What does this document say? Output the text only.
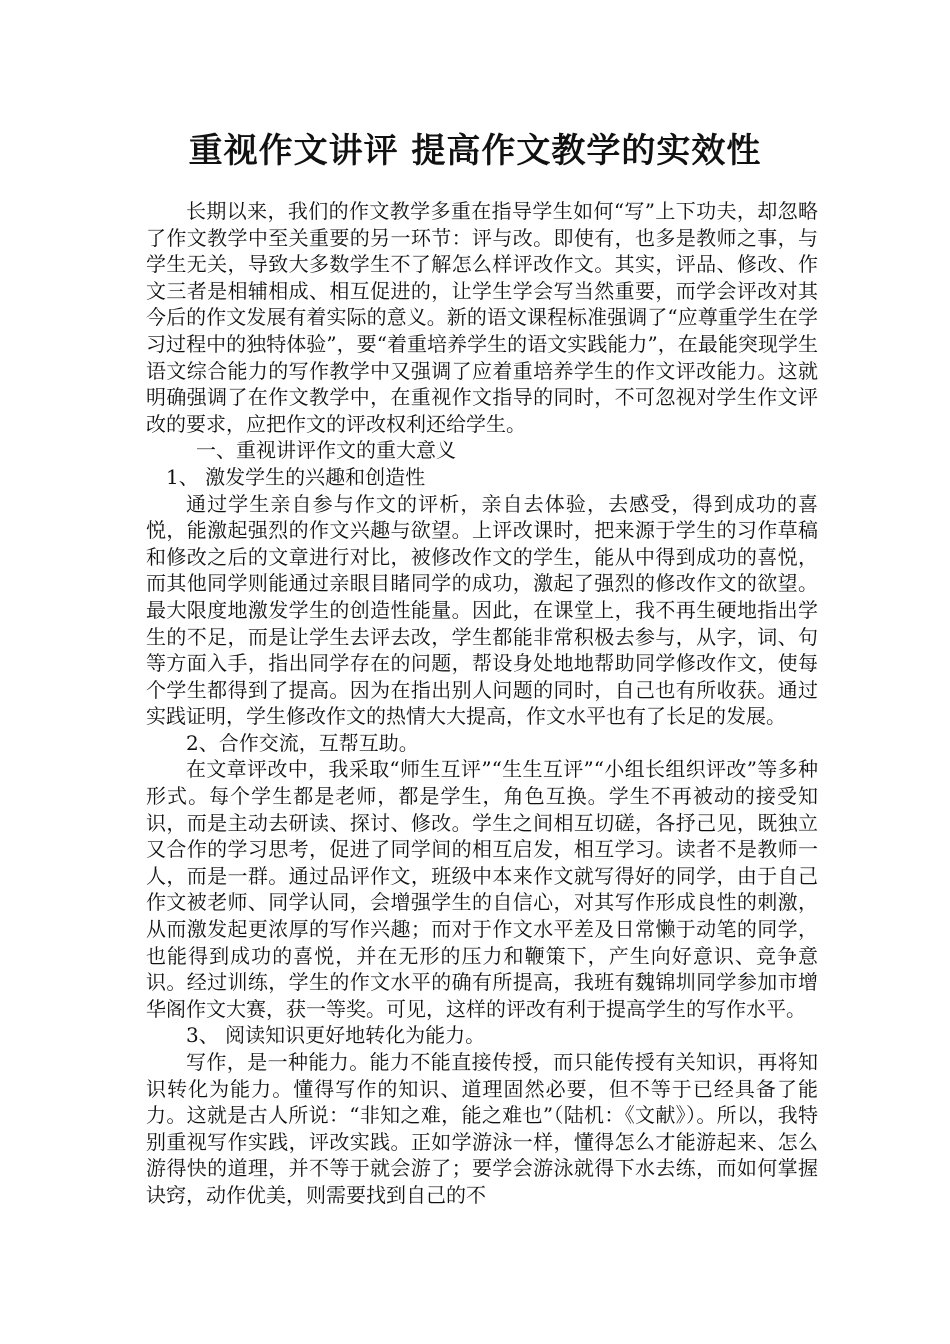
重视作文讲评 提高作文教学的实效性

长期以来，我们的作文教学多重在指导学生如何“写”上下功夫，却忽略了作文教学中至关重要的另一环节：评与改。即使有，也多是教师之事，与学生无关，导致大多数学生不了解怎么样评改作文。其实，评品、修改、作文三者是相辅相成、相互促进的，让学生学会写当然重要，而学会评改对其今后的作文发展有着实际的意义。新的语文课程标准强调了“应尊重学生在学习过程中的独特体验”，要“着重培养学生的语文实践能力”，在最能突现学生语文综合能力的写作教学中又强调了应着重培养学生的作文评改能力。这就明确强调了在作文教学中，在重视作文指导的同时，不可忽视对学生作文评改的要求，应把作文的评改权利还给学生。

一、重视讲评作文的重大意义

1、 激发学生的兴趣和创造性

通过学生亲自参与作文的评析，亲自去体验，去感受，得到成功的喜悦，能激起强烈的作文兴趣与欲望。上评改课时，把来源于学生的习作草稿和修改之后的文章进行对比，被修改作文的学生，能从中得到成功的喜悦，而其他同学则能通过亲眼目睹同学的成功，激起了强烈的修改作文的欲望。最大限度地激发学生的创造性能量。因此，在课堂上，我不再生硬地指出学生的不足，而是让学生去评去改，学生都能非常积极去参与，从字，词、句等方面入手，指出同学存在的问题，帮设身处地地帮助同学修改作文，使每个学生都得到了提高。因为在指出别人问题的同时，自己也有所收获。通过实践证明，学生修改作文的热情大大提高，作文水平也有了长足的发展。

2、合作交流，互帮互助。

在文章评改中，我采取“师生互评”“生生互评”“小组长组织评改”等多种形式。每个学生都是老师，都是学生，角色互换。学生不再被动的接受知识，而是主动去研读、探讨、修改。学生之间相互切磋，各抒己见，既独立又合作的学习思考，促进了同学间的相互启发，相互学习。读者不是教师一人，而是一群。通过品评作文，班级中本来作文就写得好的同学，由于自己作文被老师、同学认同，会增强学生的自信心，对其写作形成良性的刺激，从而激发起更浓厚的写作兴趣；而对于作文水平差及日常懒于动笔的同学，也能得到成功的喜悦，并在无形的压力和鞭策下，产生向好意识、竞争意识。经过训练，学生的作文水平的确有所提高，我班有魏锦圳同学参加市增华阁作文大赛，获一等奖。可见，这样的评改有利于提高学生的写作水平。

3、 阅读知识更好地转化为能力。

写作，是一种能力。能力不能直接传授，而只能传授有关知识，再将知识转化为能力。懂得写作的知识、道理固然必要，但不等于已经具备了能力。这就是古人所说：“非知之难，能之难也”（陆机：《文献》）。所以，我特别重视写作实践，评改实践。正如学游泳一样，懂得怎么才能游起来、怎么游得快的道理，并不等于就会游了；要学会游泳就得下水去练，而如何掌握诀窍，动作优美，则需要找到自己的不
